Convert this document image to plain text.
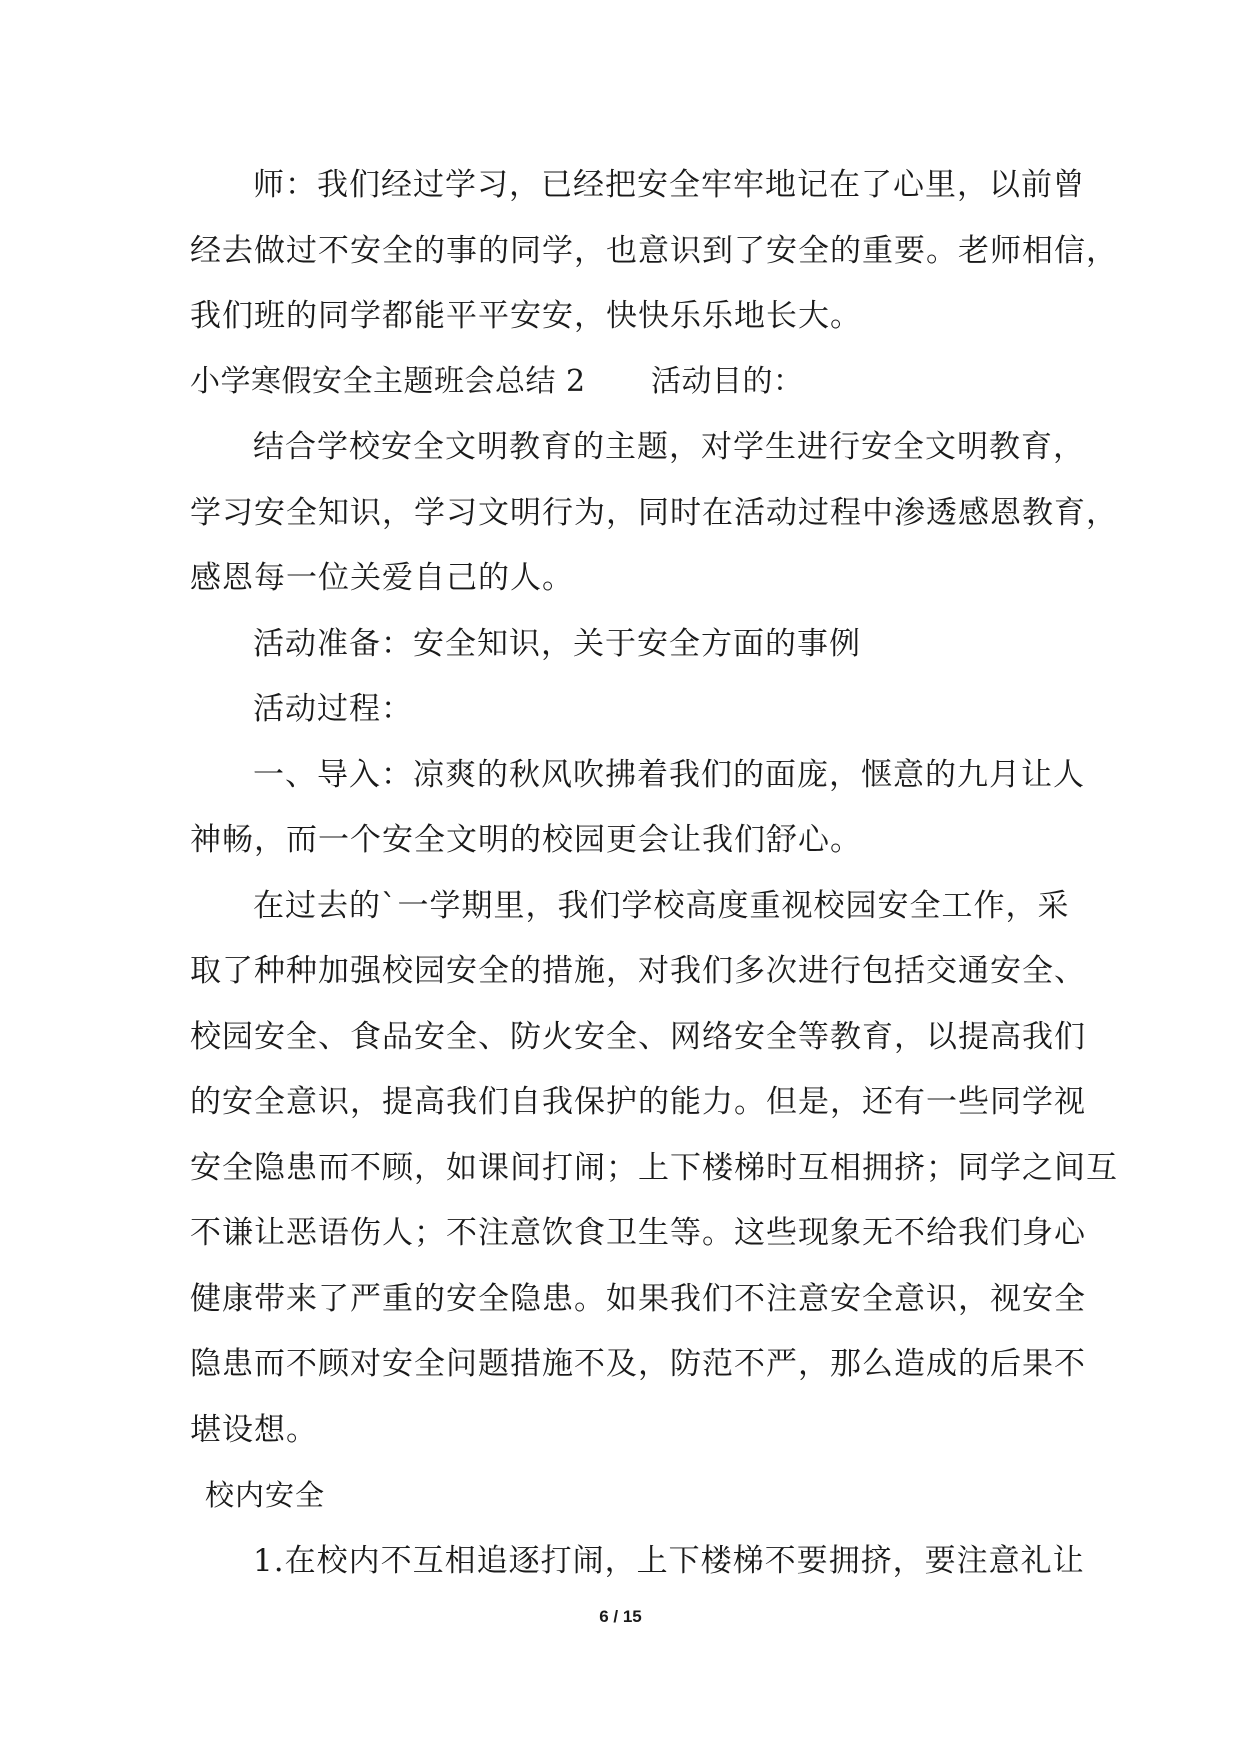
师：我们经过学习，已经把安全牢牢地记在了心里，以前曾
经去做过不安全的事的同学，也意识到了安全的重要。老师相信，
我们班的同学都能平平安安，快快乐乐地长大。
小学寒假安全主题班会总结 2 活动目的：
结合学校安全文明教育的主题，对学生进行安全文明教育，
学习安全知识，学习文明行为，同时在活动过程中渗透感恩教育，
感恩每一位关爱自己的人。
活动准备：安全知识，关于安全方面的事例
活动过程：
一、导入：凉爽的秋风吹拂着我们的面庞，惬意的九月让人
神畅，而一个安全文明的校园更会让我们舒心。
在过去的`一学期里，我们学校高度重视校园安全工作，采
取了种种加强校园安全的措施，对我们多次进行包括交通安全、
校园安全、食品安全、防火安全、网络安全等教育，以提高我们
的安全意识，提高我们自我保护的能力。但是，还有一些同学视
安全隐患而不顾，如课间打闹；上下楼梯时互相拥挤；同学之间互
不谦让恶语伤人；不注意饮食卫生等。这些现象无不给我们身心
健康带来了严重的安全隐患。如果我们不注意安全意识，视安全
隐患而不顾对安全问题措施不及，防范不严，那么造成的后果不
堪设想。
校内安全
1.在校内不互相追逐打闹，上下楼梯不要拥挤，要注意礼让
6 / 15
